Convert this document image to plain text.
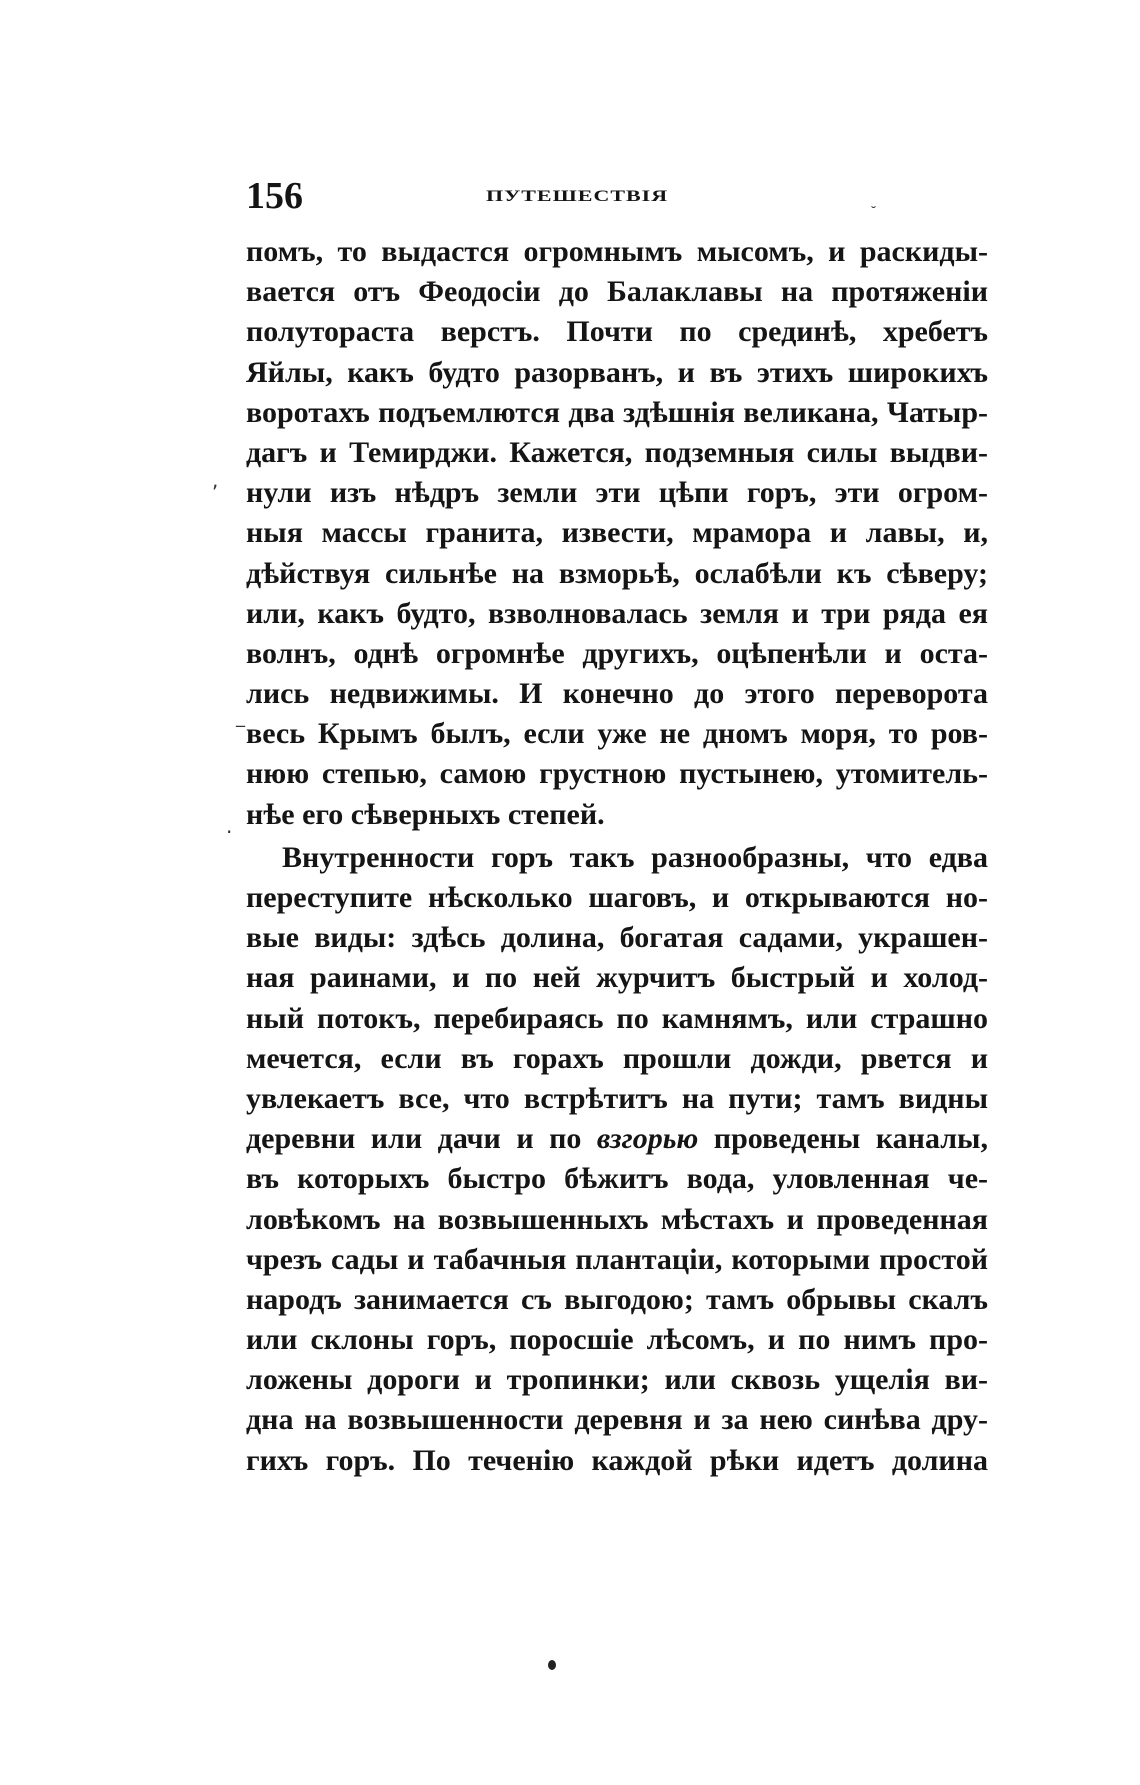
156	ПУТЕШЕСТВІЯ
помъ, то выдастся огромнымъ мысомъ, и раскиды-
вается отъ Феодосіи до Балаклавы на протяженіи
полутораста верстъ. Почти по срединѣ, хребетъ
Яйлы, какъ будто разорванъ, и въ этихъ широкихъ
воротахъ подъемлются два здѣшнія великана, Чатыр-
дагъ и Темирджи. Кажется, подземныя силы выдви-
нули изъ нѣдръ земли эти цѣпи горъ, эти огром-
ныя массы гранита, извести, мрамора и лавы, и,
дѣйствуя сильнѣе на взморьѣ, ослабѣли къ сѣверу;
или, какъ будто, взволновалась земля и три ряда ея
волнъ, однѣ огромнѣе другихъ, оцѣпенѣли и оста-
лись недвижимы. И конечно до этого переворота
весь Крымъ былъ, если уже не дномъ моря, то ров-
нюю степью, самою грустною пустынею, утомитель-
нѣе его сѣверныхъ степей.
Внутренности горъ такъ разнообразны, что едва
переступите нѣсколько шаговъ, и открываются но-
вые виды: здѣсь долина, богатая садами, украшен-
ная раинами, и по ней журчитъ быстрый и холод-
ный потокъ, перебираясь по камнямъ, или страшно
мечется, если въ горахъ прошли дожди, рвется и
увлекаетъ все, что встрѣтитъ на пути; тамъ видны
деревни или дачи и по взгорью проведены каналы,
въ которыхъ быстро бѣжитъ вода, уловленная че-
ловѣкомъ на возвышенныхъ мѣстахъ и проведенная
чрезъ сады и табачныя плантаціи, которыми простой
народъ занимается съ выгодою; тамъ обрывы скалъ
или склоны горъ, поросшіе лѣсомъ, и по нимъ про-
ложены дороги и тропинки; или сквозь ущелія ви-
дна на возвышенности деревня и за нею синѣва дру-
гихъ горъ. По теченію каждой рѣки идетъ долина
˘
,
.
_
